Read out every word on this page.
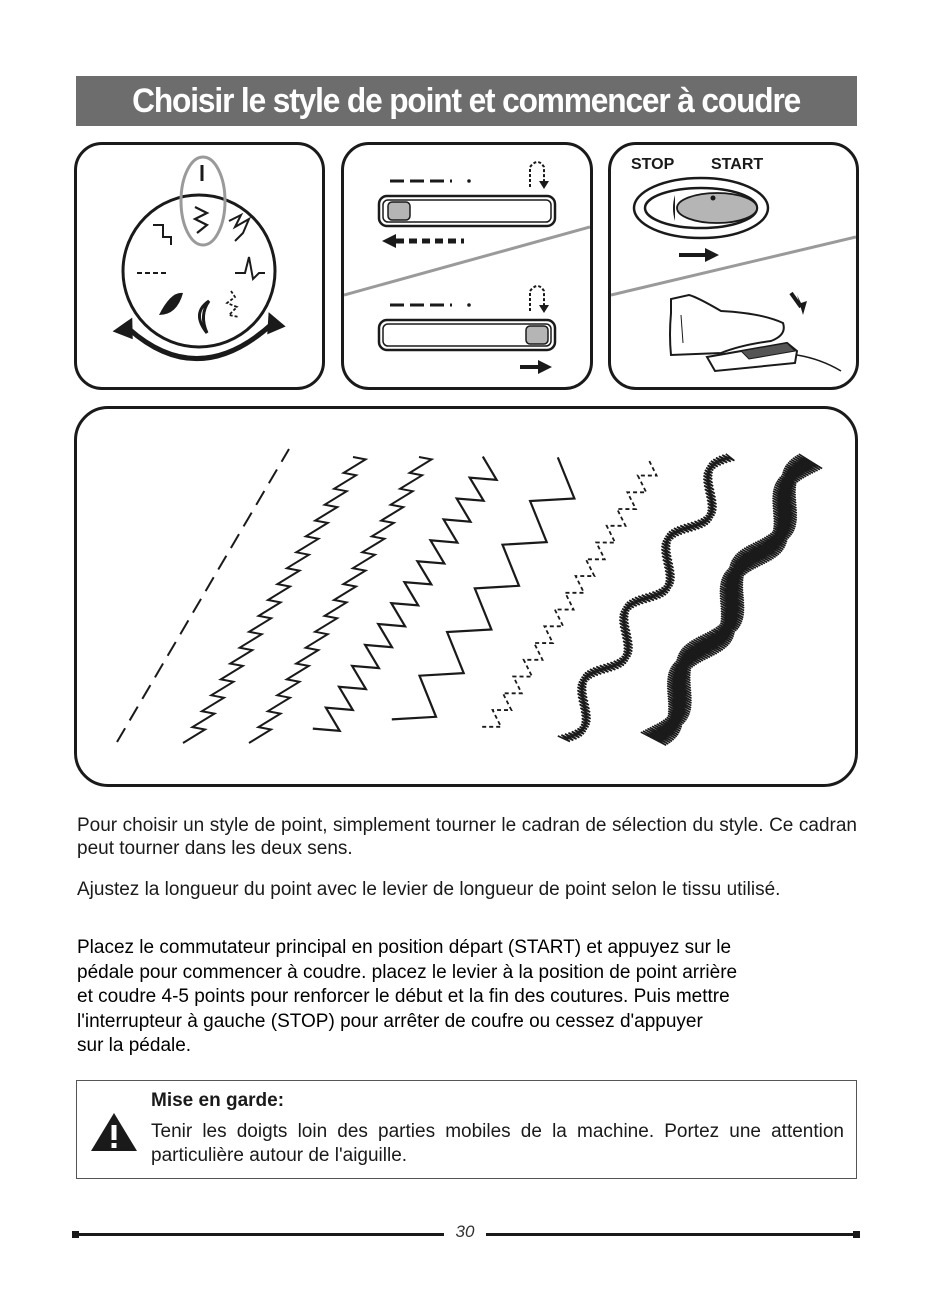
Choisir le style de point et commencer à coudre
STOP START

Pour choisir un style de point, simplement tourner le cadran de sélection du style. Ce cadran peut tourner dans les deux sens.

Ajustez la longueur du point avec le levier de longueur de point selon le tissu utilisé.

Placez le commutateur principal en position départ (START) et appuyez sur le
pédale pour commencer à coudre. placez le levier à la position de point arrière
et coudre 4-5 points pour renforcer le début et la fin des coutures. Puis mettre
l'interrupteur à gauche (STOP) pour arrêter de coufre ou cessez d'appuyer
sur la pédale.
Mise en garde:
Tenir les doigts loin des parties mobiles de la machine. Portez une attention particulière autour de l'aiguille.
30
